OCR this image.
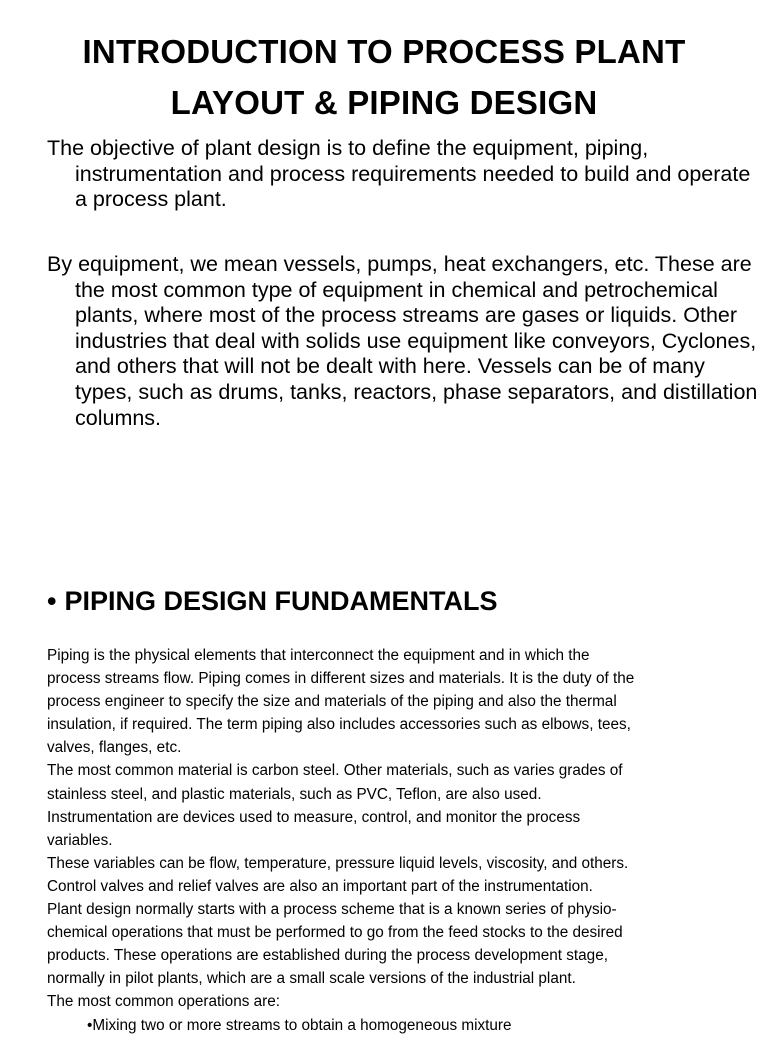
INTRODUCTION TO PROCESS PLANT
LAYOUT & PIPING DESIGN
The objective of plant design is to define the equipment, piping, instrumentation and process requirements needed to build and operate a process plant.
By equipment, we mean vessels, pumps, heat exchangers, etc. These are the most common type of equipment in chemical and petrochemical plants, where most of the process streams are gases or liquids. Other industries that deal with solids use equipment like conveyors, Cyclones, and others that will not be dealt with here. Vessels can be of many types, such as drums, tanks, reactors, phase separators, and distillation columns.
• PIPING DESIGN FUNDAMENTALS
Piping is the physical elements that interconnect the equipment and in which the
process streams flow. Piping comes in different sizes and materials. It is the duty of the
process engineer to specify the size and materials of the piping and also the thermal
insulation, if required. The term piping also includes accessories such as elbows, tees,
valves, flanges, etc.
The most common material is carbon steel. Other materials, such as varies grades of
stainless steel, and plastic materials, such as PVC, Teflon, are also used.
Instrumentation are devices used to measure, control, and monitor the process
variables.
These variables can be flow, temperature, pressure liquid levels, viscosity, and others.
Control valves and relief valves are also an important part of the instrumentation.
Plant design normally starts with a process scheme that is a known series of physio-
chemical operations that must be performed to go from the feed stocks to the desired
products. These operations are established during the process development stage,
normally in pilot plants, which are a small scale versions of the industrial plant.
The most common operations are:
•Mixing two or more streams to obtain a homogeneous mixture
